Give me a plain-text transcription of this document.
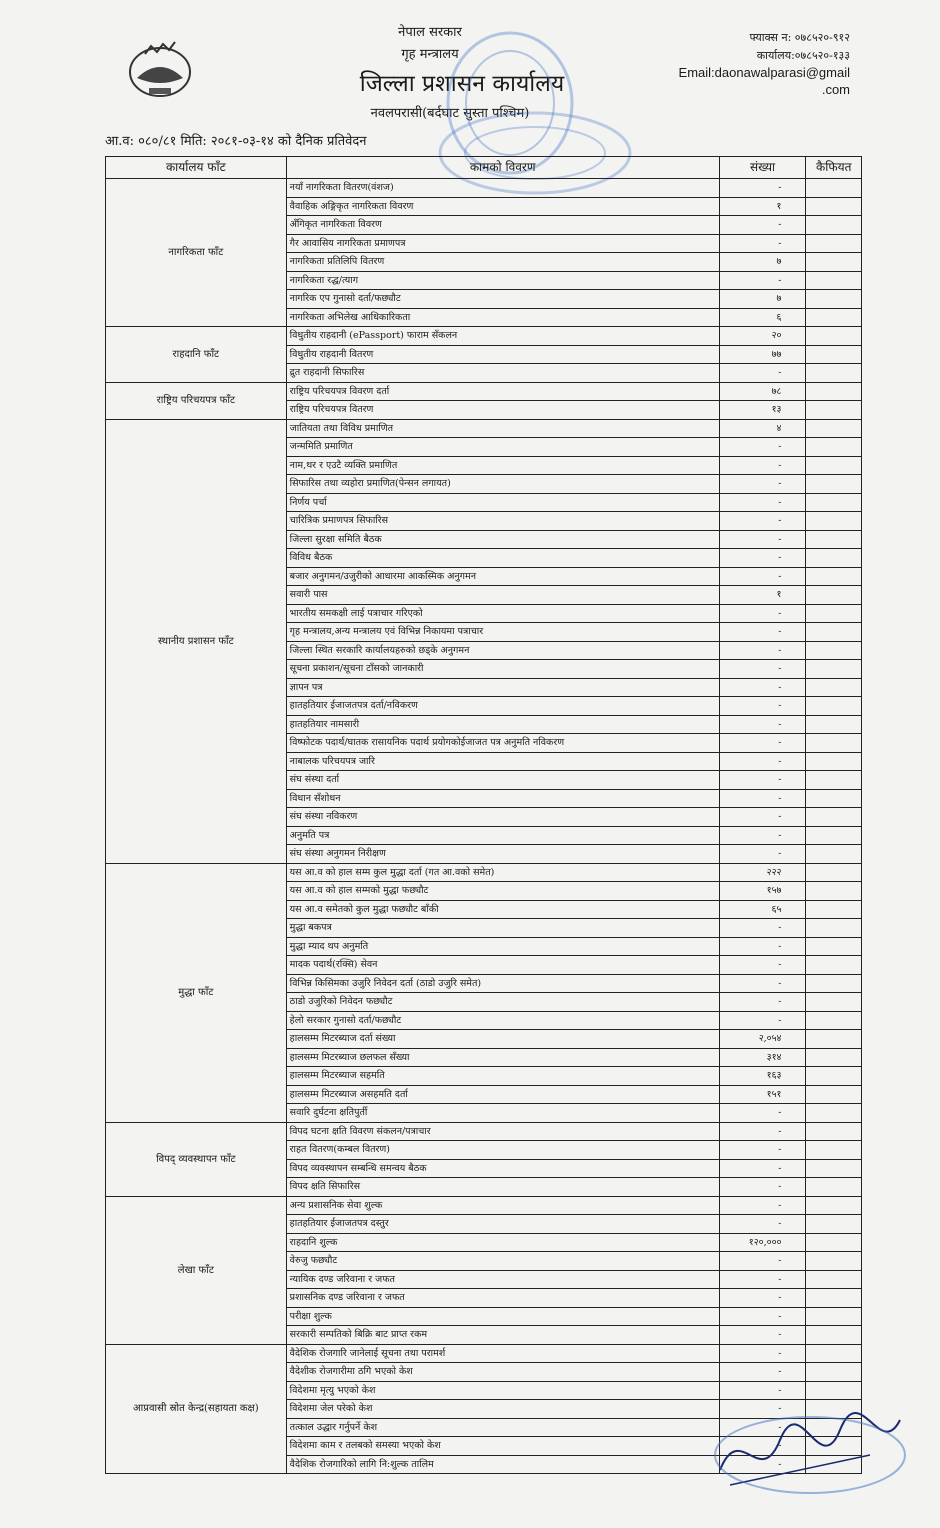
नेपाल सरकार
गृह मन्त्रालय
जिल्ला प्रशासन कार्यालय
नवलपरासी(बर्दघाट सुस्ता पश्चिम)
फ्याक्स न: ०७८५२०-९१२
कार्यालय:०७८५२०-१३३
Email:daonawalparasi@gmail
.com
आ.व: ०८०/८१ मिति: २०८१-०३-१४ को दैनिक प्रतिवेदन
कार्यालय फाँट	कामको विवरण	संख्या	कैफियत
नागरिकता फाँट	नयाँ नागरिकता वितरण(वंशज)	-	
	वैवाहिक अङ्गिकृत नागरिकता विवरण	१	
	अँगिकृत नागरिकता विवरण	-	
	गैर आवासिय नागरिकता प्रमाणपत्र	-	
	नागरिकता प्रतिलिपि वितरण	७	
	नागरिकता रद्ध/त्याग	-	
	नागरिक एप गुनासो दर्ता/फछ्यौट	७	
	नागरिकता अभिलेख आधिकारिकता	६	
राहदानि फाँट	विधुतीय राहदानी (ePassport) फाराम सँकलन	२०	
	विधुतीय राहदानी वितरण	७७	
	द्रुत राहदानी सिफारिस	-	
राष्ट्रिय परिचयपत्र फाँट	राष्ट्रिय परिचयपत्र विवरण दर्ता	७८	
	राष्ट्रिय परिचयपत्र वितरण	१३	
स्थानीय प्रशासन फाँट	जातियता तथा विविध प्रमाणित	४	
	जन्ममिति प्रमाणित	-	
	नाम,थर र एउटै व्यक्ति प्रमाणित	-	
	सिफारिस तथा व्यहोरा प्रमाणित(पेन्सन लगायत)	-	
	निर्णय पर्चा	-	
	चारित्रिक प्रमाणपत्र सिफारिस	-	
	जिल्ला सुरक्षा समिति बैठक	-	
	विविध बैठक	-	
	बजार अनुगमन/उजुरीको आधारमा आकस्मिक अनुगमन	-	
	सवारी पास	१	
	भारतीय समकक्षी लाई पत्राचार गरिएको	-	
	गृह मन्त्रालय,अन्य मन्त्रालय एवं विभिन्न निकायमा पत्राचार	-	
	जिल्ला स्थित सरकारि कार्यालयहरुको छड्के अनुगमन	-	
	सूचना प्रकाशन/सूचना टाँसको जानकारी	-	
	ज्ञापन पत्र	-	
	हातहतियार ईजाजतपत्र दर्ता/नविकरण	-	
	हातहतियार नामसारी	-	
	विष्फोटक पदार्थ/घातक रासायनिक पदार्थ प्रयोगकोईजाजत पत्र अनुमति नविकरण	-	
	नाबालक परिचयपत्र जारि	-	
	संघ संस्था दर्ता	-	
	विधान सँशोधन	-	
	संघ संस्था नविकरण	-	
	अनुमति पत्र	-	
	संघ संस्था अनुगमन निरीक्षण	-	
मुद्धा फाँट	यस आ.व को हाल सम्म कुल मुद्धा दर्ता (गत आ.वको समेत)	२२२	
	यस आ.व को हाल सम्मको मुद्धा फछ्यौट	१५७	
	यस आ.व समेतको कुल मुद्धा फछ्यौट बाँकी	६५	
	मुद्धा बकपत्र	-	
	मुद्धा म्याद थप अनुमति	-	
	मादक पदार्थ(रक्सि) सेवन	-	
	विभिन्न किसिमका उजुरि निवेदन दर्ता (ठाडो उजुरि समेत)	-	
	ठाडो उजुरिको निवेदन फछ्यौट	-	
	हेलो सरकार गुनासो दर्ता/फछ्यौट	-	
	हालसम्म मिटरब्याज दर्ता संख्या	२,०५४	
	हालसम्म मिटरब्याज छलफल सँख्या	३१४	
	हालसम्म मिटरब्याज सहमति	१६३	
	हालसम्म मिटरब्याज असहमति दर्ता	१५१	
	सवारि दुर्घटना क्षतिपुर्ती	-	
विपद् व्यवस्थापन फाँट	विपद घटना क्षति विवरण संकलन/पत्राचार	-	
	राहत वितरण(कम्बल वितरण)	-	
	विपद व्यवस्थापन सम्बन्धि समन्वय बैठक	-	
	विपद क्षति सिफारिस	-	
लेखा फाँट	अन्य प्रशासनिक सेवा शुल्क	-	
	हातहतियार ईजाजतपत्र दस्तुर	-	
	राहदानि शुल्क	१२०,०००	
	वेरुजु फछ्यौट	-	
	न्यायिक दण्ड जरिवाना र जफत	-	
	प्रशासनिक दण्ड जरिवाना र जफत	-	
	परीक्षा शुल्क	-	
	सरकारी सम्पतिको बिक्रि बाट प्राप्त रकम	-	
आप्रवासी स्रोत केन्द्र(सहायता कक्ष)	वैदेशिक रोजगारि जानेलाई सूचना तथा परामर्श	-	
	वैदेशीक रोजगारीमा ठगि भएको केश	-	
	विदेशमा मृत्यु भएको केश	-	
	विदेशमा जेल परेको केश	-	
	तत्काल उद्धार गर्नुपर्ने केश	-	
	विदेशमा काम र तलबको समस्या भएको केश	-	
	वैदेशिक रोजगारिको लागि नि:शुल्क तालिम	-	
